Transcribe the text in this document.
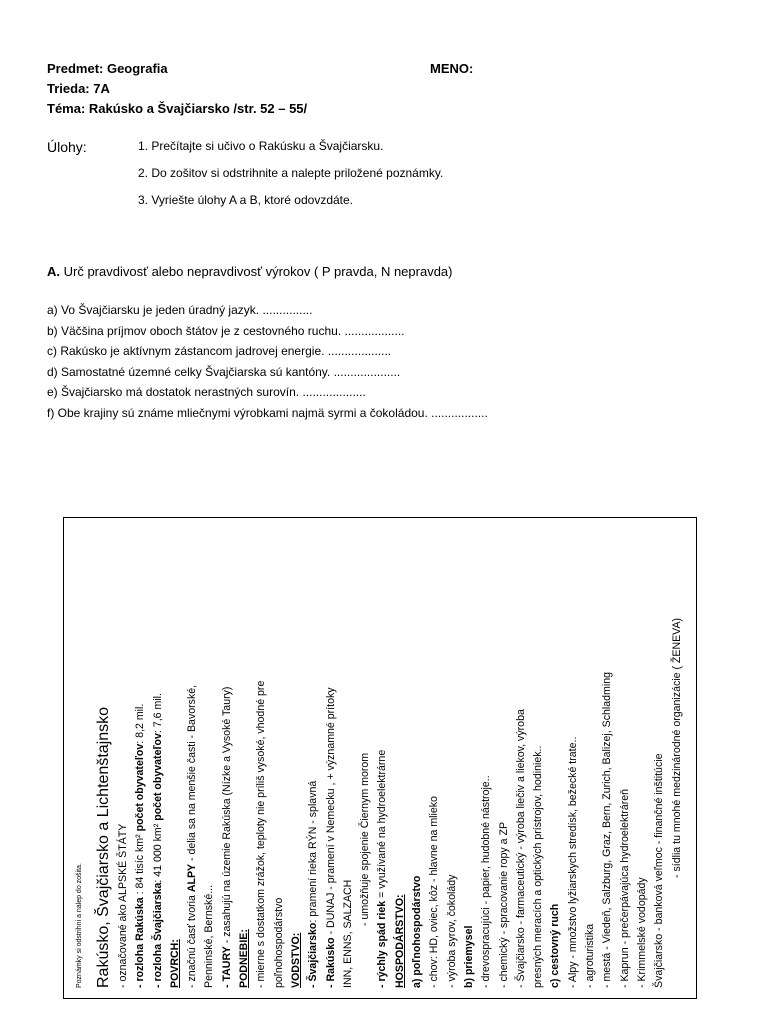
Predmet: Geografia
Trieda: 7A
Téma: Rakúsko a Švajčiarsko /str. 52 – 55/
MENO:
Úlohy:	1. Prečítajte si učivo o Rakúsku a Švajčiarsku.
2. Do zošitov si odstrihnite a nalepte priložené poznámky.
3. Vyriešte úlohy A a B, ktoré odovzdáte.
A. Urč pravdivosť alebo nepravdivosť výrokov ( P pravda, N nepravda)
a) Vo Švajčiarsku je jeden úradný jazyk. ...............
b) Väčšina príjmov oboch štátov je z cestovného ruchu. ..................
c) Rakúsko je aktívnym zástancom jadrovej energie. ...................
d) Samostatné územné celky Švajčiarska sú kantóny. ....................
e) Švajčiarsko má dostatok nerastných surovín. ...................
f) Obe krajiny sú známe mliečnymi výrobkami najmä syrmi a čokoládou. .................
Poznámky si odstrihni a nalep do zošita. Rakúsko, Švajčiarsko a Lichtenštajnsko - označované ako ALPSKÉ ŠTÁTY - rozloha Rakúska : 84 tisíc km² počet obyvateľov: 8,2 mil.
- rozloha Švajčiarska: 41 000 km² počet obyvateľov: 7,6 mil.
POVRCH: - značnú časť tvoria ALPY - delia sa na menšie časti - Bavorské,
Penninské, Bernské... - TAURY - zasahujú na územie Rakúska (Nízke a Vysoké Taury)
PODNEBIE: - mierne s dostatkom zrážok, teploty nie príliš vysoké, vhodné pre poľnohospodárstvo VODSTVO: - Švajčiarsko: pramení rieka RÝN - splavná
- Rakúsko - DUNAJ - pramení v Nemecku , + významné prítoky INN, ENNS, SALZACH
- umožňuje spojenie Čiernym morom
- rýchly spád riek = využívané na hydroelektrárne
HOSPODÁRSTVO: a) poľnohospodárstvo - chov: HD, oviec, kôz - hlavne na mlieko - výroba syrov, čokolády b) priemysel - drevospracujúci - papier, hudobné nástroje.. - chemický - spracovanie ropy a ZP - Švajčiarsko - farmaceutický - výroba liečiv a liekov, výroba presných meracích a optických prístrojov, hodiniek.. c) cestovný ruch - Alpy - množstvo lyžiarskych stredísk, bežecké trate.. - agroturistika - mestá - Viedeň, Salzburg, Graz, Bern, Zurich, Balizej, Schladming - Kaprun - prečerpávajúca hydroelektráreň - Krimmelské vodopády Švajčiarsko - banková veľmoc - finančné inštitúcie - sídlia tu mnohé medzinárodné organizácie ( ŽENEVA)
